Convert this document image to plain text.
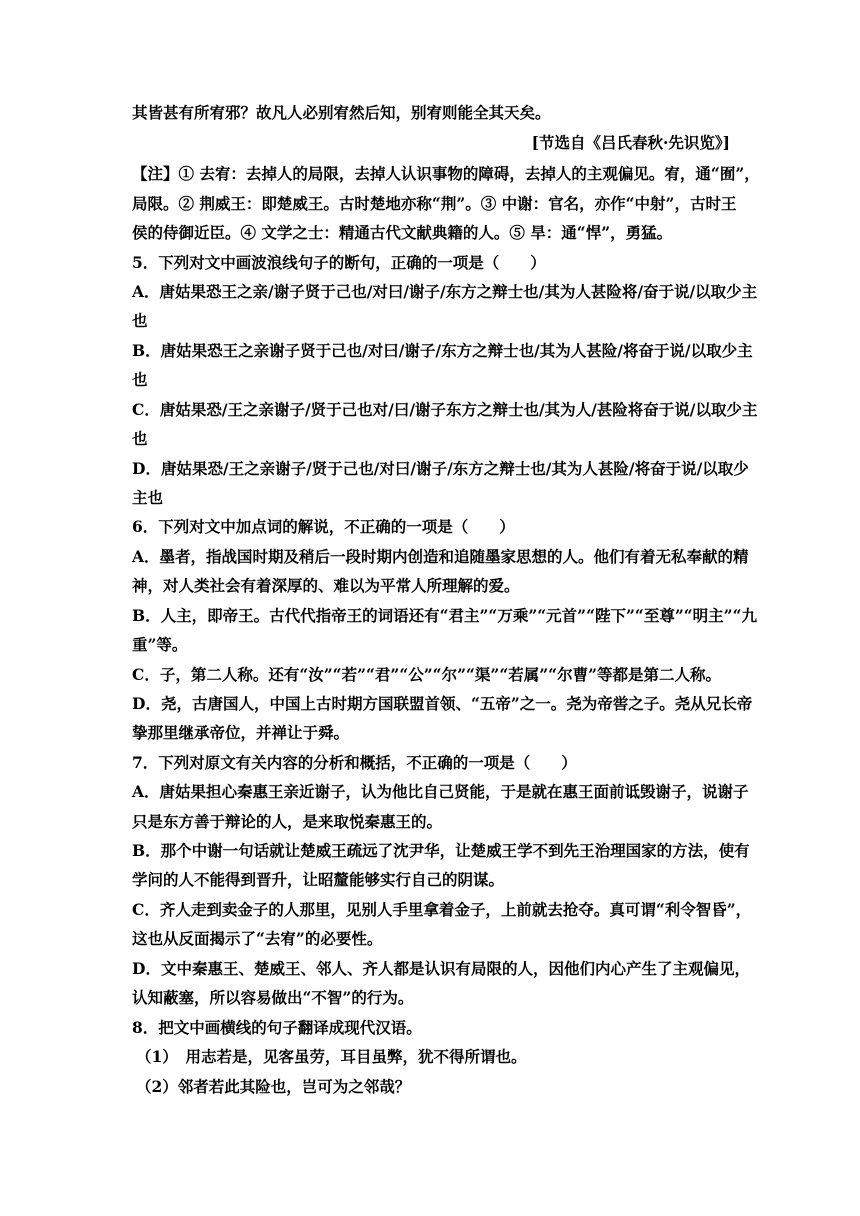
其皆甚有所宥邪？故凡人必别宥然后知，别宥则能全其天矣。
[节选自《吕氏春秋·先识览》]
【注】① 去宥：去掉人的局限，去掉人认识事物的障碍，去掉人的主观偏见。宥，通“囿”，
局限。② 荆威王：即楚威王。古时楚地亦称“荆”。③ 中谢：官名，亦作“中射”，古时王
侯的侍御近臣。④ 文学之士：精通古代文献典籍的人。⑤ 旱：通“悍”，勇猛。
5．下列对文中画波浪线句子的断句，正确的一项是（　　）
A．唐姑果恐王之亲/谢子贤于己也/对曰/谢子/东方之辩士也/其为人甚险将/奋于说/以取少主
也
B．唐姑果恐王之亲谢子贤于己也/对曰/谢子/东方之辩士也/其为人甚险/将奋于说/以取少主
也
C．唐姑果恐/王之亲谢子/贤于己也对/曰/谢子东方之辩士也/其为人/甚险将奋于说/以取少主
也
D．唐姑果恐/王之亲谢子/贤于己也/对曰/谢子/东方之辩士也/其为人甚险/将奋于说/以取少
主也
6．下列对文中加点词的解说，不正确的一项是（　　）
A．墨者，指战国时期及稍后一段时期内创造和追随墨家思想的人。他们有着无私奉献的精
神，对人类社会有着深厚的、难以为平常人所理解的爱。
B．人主，即帝王。古代代指帝王的词语还有“君主”“万乘”“元首”“陛下”“至尊”“明主”“九
重”等。
C．子，第二人称。还有“汝”“若”“君”“公”“尔”“渠”“若属”“尔曹”等都是第二人称。
D．尧，古唐国人，中国上古时期方国联盟首领、“五帝”之一。尧为帝喾之子。尧从兄长帝
挚那里继承帝位，并禅让于舜。
7．下列对原文有关内容的分析和概括，不正确的一项是（　　）
A．唐姑果担心秦惠王亲近谢子，认为他比自己贤能，于是就在惠王面前诋毁谢子，说谢子
只是东方善于辩论的人，是来取悦秦惠王的。
B．那个中谢一句话就让楚威王疏远了沈尹华，让楚威王学不到先王治理国家的方法，使有
学问的人不能得到晋升，让昭釐能够实行自己的阴谋。
C．齐人走到卖金子的人那里，见别人手里拿着金子，上前就去抢夺。真可谓“利令智昏”，
这也从反面揭示了“去宥”的必要性。
D．文中秦惠王、楚威王、邻人、齐人都是认识有局限的人，因他们内心产生了主观偏见，
认知蔽塞，所以容易做出“不智”的行为。
8．把文中画横线的句子翻译成现代汉语。
（1）　用志若是，见客虽劳，耳目虽弊，犹不得所谓也。
（2）邻者若此其险也，岂可为之邻哉？
